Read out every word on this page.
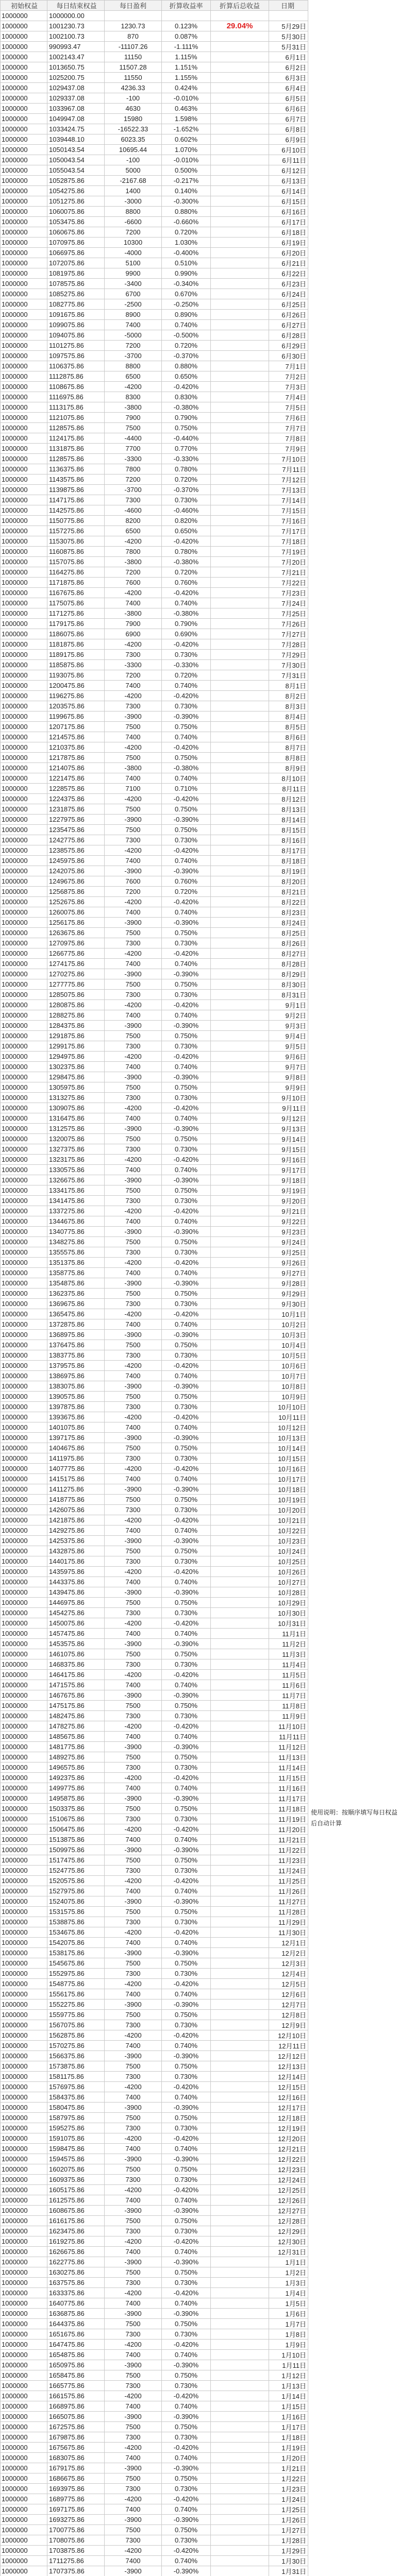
初始权益	每日结束权益	每日盈利	折算收益率	折算后总收益	日期
1000000	1000000.00				
1000000	1001230.73	1230.73	0.123%	29.04%	5月29日
1000000	1002100.73	870	0.087%		5月30日
1000000	990993.47	-11107.26	-1.111%		5月31日
1000000	1002143.47	11150	1.115%		6月1日
1000000	1013650.75	11507.28	1.151%		6月2日
1000000	1025200.75	11550	1.155%		6月3日
1000000	1029437.08	4236.33	0.424%		6月4日
1000000	1029337.08	-100	-0.010%		6月5日
1000000	1033967.08	4630	0.463%		6月6日
1000000	1049947.08	15980	1.598%		6月7日
1000000	1033424.75	-16522.33	-1.652%		6月8日
1000000	1039448.10	6023.35	0.602%		6月9日
1000000	1050143.54	10695.44	1.070%		6月10日
1000000	1050043.54	-100	-0.010%		6月11日
1000000	1055043.54	5000	0.500%		6月12日
1000000	1052875.86	-2167.68	-0.217%		6月13日
1000000	1054275.86	1400	0.140%		6月14日
1000000	1051275.86	-3000	-0.300%		6月15日
1000000	1060075.86	8800	0.880%		6月16日
1000000	1053475.86	-6600	-0.660%		6月17日
1000000	1060675.86	7200	0.720%		6月18日
1000000	1070975.86	10300	1.030%		6月19日
1000000	1066975.86	-4000	-0.400%		6月20日
1000000	1072075.86	5100	0.510%		6月21日
1000000	1081975.86	9900	0.990%		6月22日
1000000	1078575.86	-3400	-0.340%		6月23日
1000000	1085275.86	6700	0.670%		6月24日
1000000	1082775.86	-2500	-0.250%		6月25日
1000000	1091675.86	8900	0.890%		6月26日
1000000	1099075.86	7400	0.740%		6月27日
1000000	1094075.86	-5000	-0.500%		6月28日
1000000	1101275.86	7200	0.720%		6月29日
1000000	1097575.86	-3700	-0.370%		6月30日
1000000	1106375.86	8800	0.880%		7月1日
1000000	1112875.86	6500	0.650%		7月2日
1000000	1108675.86	-4200	-0.420%		7月3日
1000000	1116975.86	8300	0.830%		7月4日
1000000	1113175.86	-3800	-0.380%		7月5日
1000000	1121075.86	7900	0.790%		7月6日
1000000	1128575.86	7500	0.750%		7月7日
1000000	1124175.86	-4400	-0.440%		7月8日
1000000	1131875.86	7700	0.770%		7月9日
1000000	1128575.86	-3300	-0.330%		7月10日
1000000	1136375.86	7800	0.780%		7月11日
1000000	1143575.86	7200	0.720%		7月12日
1000000	1139875.86	-3700	-0.370%		7月13日
1000000	1147175.86	7300	0.730%		7月14日
1000000	1142575.86	-4600	-0.460%		7月15日
1000000	1150775.86	8200	0.820%		7月16日
1000000	1157275.86	6500	0.650%		7月17日
1000000	1153075.86	-4200	-0.420%		7月18日
1000000	1160875.86	7800	0.780%		7月19日
1000000	1157075.86	-3800	-0.380%		7月20日
1000000	1164275.86	7200	0.720%		7月21日
1000000	1171875.86	7600	0.760%		7月22日
1000000	1167675.86	-4200	-0.420%		7月23日
1000000	1175075.86	7400	0.740%		7月24日
1000000	1171275.86	-3800	-0.380%		7月25日
1000000	1179175.86	7900	0.790%		7月26日
1000000	1186075.86	6900	0.690%		7月27日
1000000	1181875.86	-4200	-0.420%		7月28日
1000000	1189175.86	7300	0.730%		7月29日
1000000	1185875.86	-3300	-0.330%		7月30日
1000000	1193075.86	7200	0.720%		7月31日
1000000	1200475.86	7400	0.740%		8月1日
1000000	1196275.86	-4200	-0.420%		8月2日
1000000	1203575.86	7300	0.730%		8月3日
1000000	1199675.86	-3900	-0.390%		8月4日
1000000	1207175.86	7500	0.750%		8月5日
1000000	1214575.86	7400	0.740%		8月6日
1000000	1210375.86	-4200	-0.420%		8月7日
1000000	1217875.86	7500	0.750%		8月8日
1000000	1214075.86	-3800	-0.380%		8月9日
1000000	1221475.86	7400	0.740%		8月10日
1000000	1228575.86	7100	0.710%		8月11日
1000000	1224375.86	-4200	-0.420%		8月12日
1000000	1231875.86	7500	0.750%		8月13日
1000000	1227975.86	-3900	-0.390%		8月14日
1000000	1235475.86	7500	0.750%		8月15日
1000000	1242775.86	7300	0.730%		8月16日
1000000	1238575.86	-4200	-0.420%		8月17日
1000000	1245975.86	7400	0.740%		8月18日
1000000	1242075.86	-3900	-0.390%		8月19日
1000000	1249675.86	7600	0.760%		8月20日
1000000	1256875.86	7200	0.720%		8月21日
1000000	1252675.86	-4200	-0.420%		8月22日
1000000	1260075.86	7400	0.740%		8月23日
1000000	1256175.86	-3900	-0.390%		8月24日
1000000	1263675.86	7500	0.750%		8月25日
1000000	1270975.86	7300	0.730%		8月26日
1000000	1266775.86	-4200	-0.420%		8月27日
1000000	1274175.86	7400	0.740%		8月28日
1000000	1270275.86	-3900	-0.390%		8月29日
1000000	1277775.86	7500	0.750%		8月30日
1000000	1285075.86	7300	0.730%		8月31日
1000000	1280875.86	-4200	-0.420%		9月1日
1000000	1288275.86	7400	0.740%		9月2日
1000000	1284375.86	-3900	-0.390%		9月3日
1000000	1291875.86	7500	0.750%		9月4日
1000000	1299175.86	7300	0.730%		9月5日
1000000	1294975.86	-4200	-0.420%		9月6日
1000000	1302375.86	7400	0.740%		9月7日
1000000	1298475.86	-3900	-0.390%		9月8日
1000000	1305975.86	7500	0.750%		9月9日
1000000	1313275.86	7300	0.730%		9月10日
1000000	1309075.86	-4200	-0.420%		9月11日
1000000	1316475.86	7400	0.740%		9月12日
1000000	1312575.86	-3900	-0.390%		9月13日
1000000	1320075.86	7500	0.750%		9月14日
1000000	1327375.86	7300	0.730%		9月15日
1000000	1323175.86	-4200	-0.420%		9月16日
1000000	1330575.86	7400	0.740%		9月17日
1000000	1326675.86	-3900	-0.390%		9月18日
1000000	1334175.86	7500	0.750%		9月19日
1000000	1341475.86	7300	0.730%		9月20日
1000000	1337275.86	-4200	-0.420%		9月21日
1000000	1344675.86	7400	0.740%		9月22日
1000000	1340775.86	-3900	-0.390%		9月23日
1000000	1348275.86	7500	0.750%		9月24日
1000000	1355575.86	7300	0.730%		9月25日
1000000	1351375.86	-4200	-0.420%		9月26日
1000000	1358775.86	7400	0.740%		9月27日
1000000	1354875.86	-3900	-0.390%		9月28日
1000000	1362375.86	7500	0.750%		9月29日
1000000	1369675.86	7300	0.730%		9月30日
1000000	1365475.86	-4200	-0.420%		10月1日
1000000	1372875.86	7400	0.740%		10月2日
1000000	1368975.86	-3900	-0.390%		10月3日
1000000	1376475.86	7500	0.750%		10月4日
1000000	1383775.86	7300	0.730%		10月5日
1000000	1379575.86	-4200	-0.420%		10月6日
1000000	1386975.86	7400	0.740%		10月7日
1000000	1383075.86	-3900	-0.390%		10月8日
1000000	1390575.86	7500	0.750%		10月9日
1000000	1397875.86	7300	0.730%		10月10日
1000000	1393675.86	-4200	-0.420%		10月11日
1000000	1401075.86	7400	0.740%		10月12日
1000000	1397175.86	-3900	-0.390%		10月13日
1000000	1404675.86	7500	0.750%		10月14日
1000000	1411975.86	7300	0.730%		10月15日
1000000	1407775.86	-4200	-0.420%		10月16日
1000000	1415175.86	7400	0.740%		10月17日
1000000	1411275.86	-3900	-0.390%		10月18日
1000000	1418775.86	7500	0.750%		10月19日
1000000	1426075.86	7300	0.730%		10月20日
1000000	1421875.86	-4200	-0.420%		10月21日
1000000	1429275.86	7400	0.740%		10月22日
1000000	1425375.86	-3900	-0.390%		10月23日
1000000	1432875.86	7500	0.750%		10月24日
1000000	1440175.86	7300	0.730%		10月25日
1000000	1435975.86	-4200	-0.420%		10月26日
1000000	1443375.86	7400	0.740%		10月27日
1000000	1439475.86	-3900	-0.390%		10月28日
1000000	1446975.86	7500	0.750%		10月29日
1000000	1454275.86	7300	0.730%		10月30日
1000000	1450075.86	-4200	-0.420%		10月31日
1000000	1457475.86	7400	0.740%		11月1日
1000000	1453575.86	-3900	-0.390%		11月2日
1000000	1461075.86	7500	0.750%		11月3日
1000000	1468375.86	7300	0.730%		11月4日
1000000	1464175.86	-4200	-0.420%		11月5日
1000000	1471575.86	7400	0.740%		11月6日
1000000	1467675.86	-3900	-0.390%		11月7日
1000000	1475175.86	7500	0.750%		11月8日
1000000	1482475.86	7300	0.730%		11月9日
1000000	1478275.86	-4200	-0.420%		11月10日
1000000	1485675.86	7400	0.740%		11月11日
1000000	1481775.86	-3900	-0.390%		11月12日
1000000	1489275.86	7500	0.750%		11月13日
1000000	1496575.86	7300	0.730%		11月14日
1000000	1492375.86	-4200	-0.420%		11月15日
1000000	1499775.86	7400	0.740%		11月16日
1000000	1495875.86	-3900	-0.390%		11月17日
1000000	1503375.86	7500	0.750%		11月18日
1000000	1510675.86	7300	0.730%		11月19日
1000000	1506475.86	-4200	-0.420%		11月20日
1000000	1513875.86	7400	0.740%		11月21日
1000000	1509975.86	-3900	-0.390%		11月22日
1000000	1517475.86	7500	0.750%		11月23日
1000000	1524775.86	7300	0.730%		11月24日
1000000	1520575.86	-4200	-0.420%		11月25日
1000000	1527975.86	7400	0.740%		11月26日
1000000	1524075.86	-3900	-0.390%		11月27日
1000000	1531575.86	7500	0.750%		11月28日
1000000	1538875.86	7300	0.730%		11月29日
1000000	1534675.86	-4200	-0.420%		11月30日
1000000	1542075.86	7400	0.740%		12月1日
1000000	1538175.86	-3900	-0.390%		12月2日
1000000	1545675.86	7500	0.750%		12月3日
1000000	1552975.86	7300	0.730%		12月4日
1000000	1548775.86	-4200	-0.420%		12月5日
1000000	1556175.86	7400	0.740%		12月6日
1000000	1552275.86	-3900	-0.390%		12月7日
1000000	1559775.86	7500	0.750%		12月8日
1000000	1567075.86	7300	0.730%		12月9日
1000000	1562875.86	-4200	-0.420%		12月10日
1000000	1570275.86	7400	0.740%		12月11日
1000000	1566375.86	-3900	-0.390%		12月12日
1000000	1573875.86	7500	0.750%		12月13日
1000000	1581175.86	7300	0.730%		12月14日
1000000	1576975.86	-4200	-0.420%		12月15日
1000000	1584375.86	7400	0.740%		12月16日
1000000	1580475.86	-3900	-0.390%		12月17日
1000000	1587975.86	7500	0.750%		12月18日
1000000	1595275.86	7300	0.730%		12月19日
1000000	1591075.86	-4200	-0.420%		12月20日
1000000	1598475.86	7400	0.740%		12月21日
1000000	1594575.86	-3900	-0.390%		12月22日
1000000	1602075.86	7500	0.750%		12月23日
1000000	1609375.86	7300	0.730%		12月24日
1000000	1605175.86	-4200	-0.420%		12月25日
1000000	1612575.86	7400	0.740%		12月26日
1000000	1608675.86	-3900	-0.390%		12月27日
1000000	1616175.86	7500	0.750%		12月28日
1000000	1623475.86	7300	0.730%		12月29日
1000000	1619275.86	-4200	-0.420%		12月30日
1000000	1626675.86	7400	0.740%		12月31日
1000000	1622775.86	-3900	-0.390%		1月1日
1000000	1630275.86	7500	0.750%		1月2日
1000000	1637575.86	7300	0.730%		1月3日
1000000	1633375.86	-4200	-0.420%		1月4日
1000000	1640775.86	7400	0.740%		1月5日
1000000	1636875.86	-3900	-0.390%		1月6日
1000000	1644375.86	7500	0.750%		1月7日
1000000	1651675.86	7300	0.730%		1月8日
1000000	1647475.86	-4200	-0.420%		1月9日
1000000	1654875.86	7400	0.740%		1月10日
1000000	1650975.86	-3900	-0.390%		1月11日
1000000	1658475.86	7500	0.750%		1月12日
1000000	1665775.86	7300	0.730%		1月13日
1000000	1661575.86	-4200	-0.420%		1月14日
1000000	1668975.86	7400	0.740%		1月15日
1000000	1665075.86	-3900	-0.390%		1月16日
1000000	1672575.86	7500	0.750%		1月17日
1000000	1679875.86	7300	0.730%		1月18日
1000000	1675675.86	-4200	-0.420%		1月19日
1000000	1683075.86	7400	0.740%		1月20日
1000000	1679175.86	-3900	-0.390%		1月21日
1000000	1686675.86	7500	0.750%		1月22日
1000000	1693975.86	7300	0.730%		1月23日
1000000	1689775.86	-4200	-0.420%		1月24日
1000000	1697175.86	7400	0.740%		1月25日
1000000	1693275.86	-3900	-0.390%		1月26日
1000000	1700775.86	7500	0.750%		1月27日
1000000	1708075.86	7300	0.730%		1月28日
1000000	1703875.86	-4200	-0.420%		1月29日
1000000	1711275.86	7400	0.740%		1月30日
1000000	1707375.86	-3900	-0.390%		1月31日

使用说明：按顺序填写每日权益后自动计算
